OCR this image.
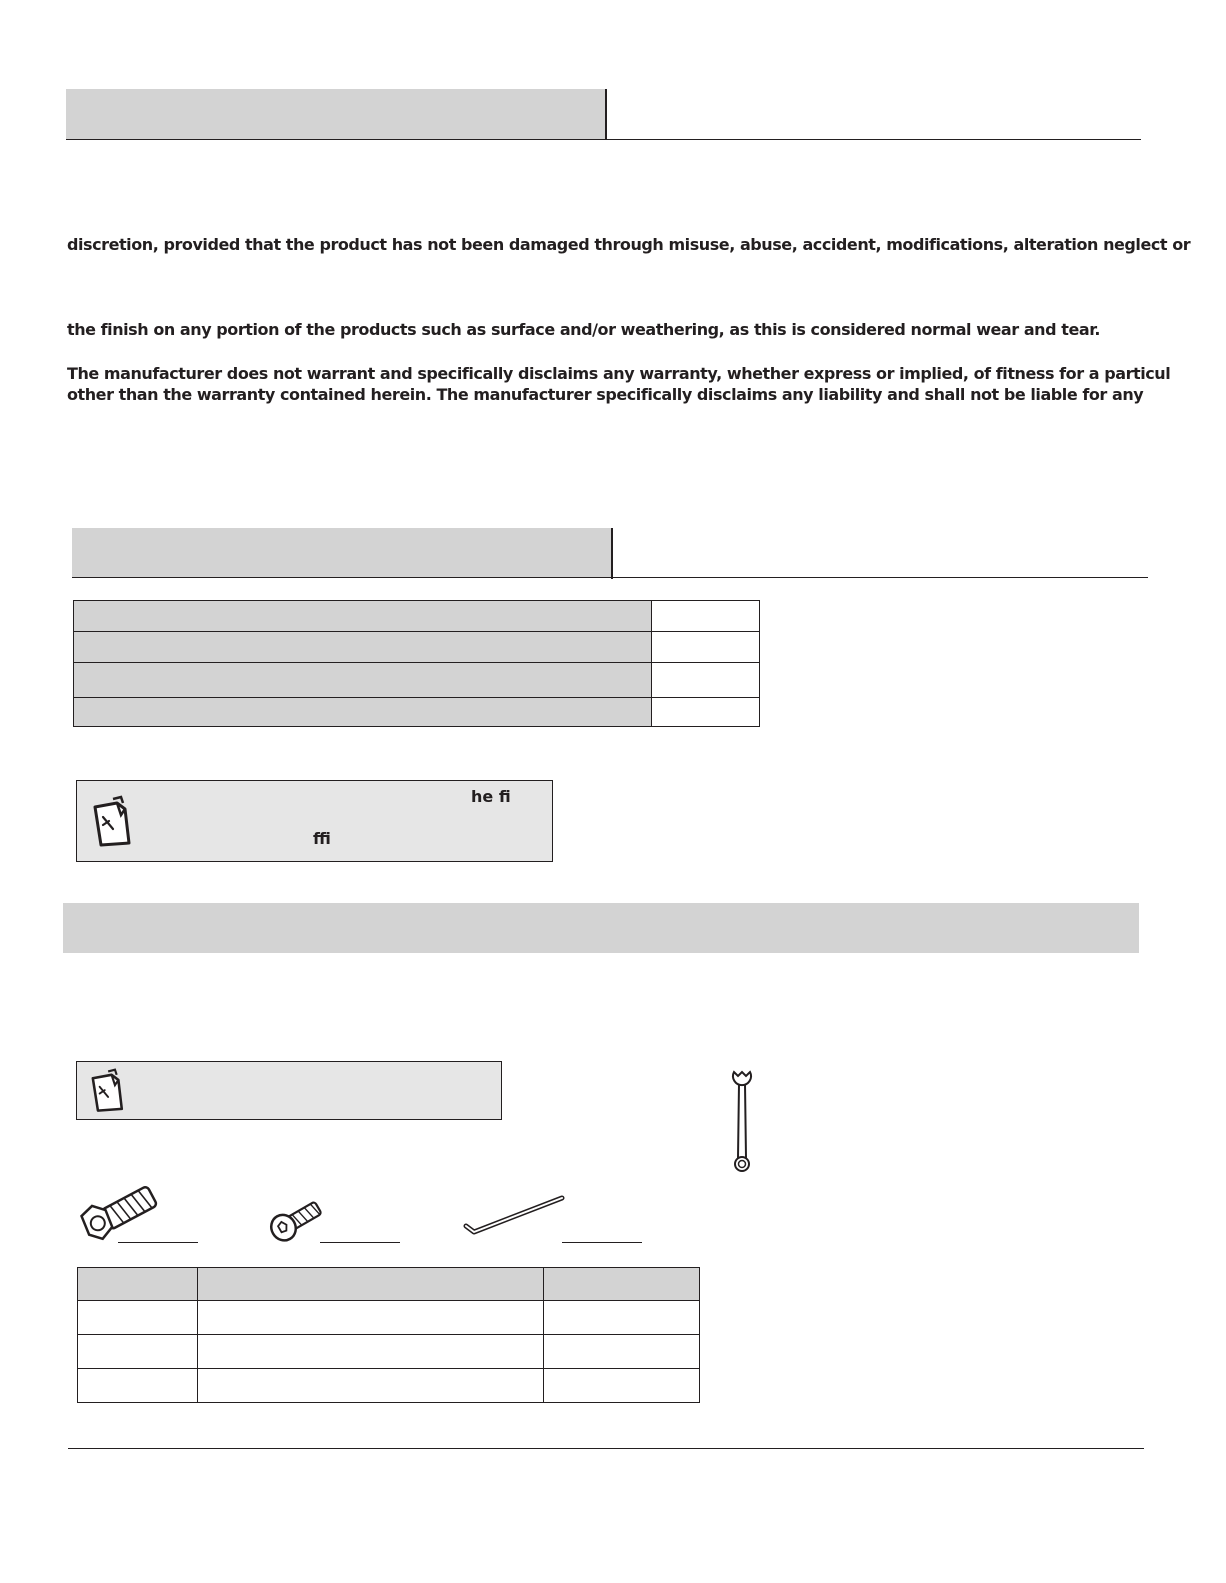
discretion, provided that the product has not been damaged through misuse, abuse, accident, modifications, alteration neglect or
the finish on any portion of the products such as surface and/or weathering, as this is considered normal wear and tear.
The manufacturer does not warrant and specifically disclaims any warranty, whether express or implied, of fitness for a particul
other than the warranty contained herein. The manufacturer specifically disclaims any liability and shall not be liable for any

he fi
ffi
